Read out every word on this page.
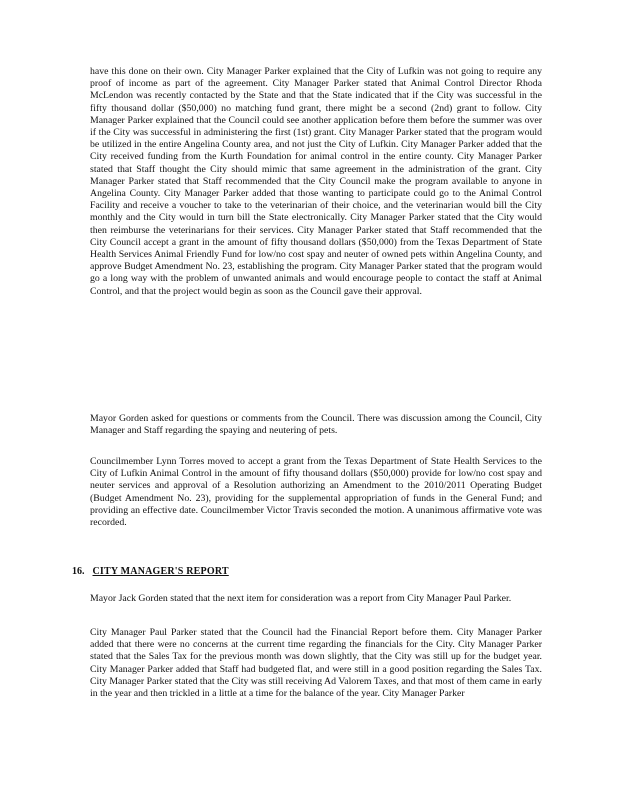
have this done on their own. City Manager Parker explained that the City of Lufkin was not going to require any proof of income as part of the agreement. City Manager Parker stated that Animal Control Director Rhoda McLendon was recently contacted by the State and that the State indicated that if the City was successful in the fifty thousand dollar ($50,000) no matching fund grant, there might be a second (2nd) grant to follow. City Manager Parker explained that the Council could see another application before them before the summer was over if the City was successful in administering the first (1st) grant. City Manager Parker stated that the program would be utilized in the entire Angelina County area, and not just the City of Lufkin. City Manager Parker added that the City received funding from the Kurth Foundation for animal control in the entire county. City Manager Parker stated that Staff thought the City should mimic that same agreement in the administration of the grant. City Manager Parker stated that Staff recommended that the City Council make the program available to anyone in Angelina County. City Manager Parker added that those wanting to participate could go to the Animal Control Facility and receive a voucher to take to the veterinarian of their choice, and the veterinarian would bill the City monthly and the City would in turn bill the State electronically. City Manager Parker stated that the City would then reimburse the veterinarians for their services. City Manager Parker stated that Staff recommended that the City Council accept a grant in the amount of fifty thousand dollars ($50,000) from the Texas Department of State Health Services Animal Friendly Fund for low/no cost spay and neuter of owned pets within Angelina County, and approve Budget Amendment No. 23, establishing the program. City Manager Parker stated that the program would go a long way with the problem of unwanted animals and would encourage people to contact the staff at Animal Control, and that the project would begin as soon as the Council gave their approval.

Mayor Gorden asked for questions or comments from the Council. There was discussion among the Council, City Manager and Staff regarding the spaying and neutering of pets.

Councilmember Lynn Torres moved to accept a grant from the Texas Department of State Health Services to the City of Lufkin Animal Control in the amount of fifty thousand dollars ($50,000) provide for low/no cost spay and neuter services and approval of a Resolution authorizing an Amendment to the 2010/2011 Operating Budget (Budget Amendment No. 23), providing for the supplemental appropriation of funds in the General Fund; and providing an effective date. Councilmember Victor Travis seconded the motion. A unanimous affirmative vote was recorded.

16. CITY MANAGER'S REPORT

Mayor Jack Gorden stated that the next item for consideration was a report from City Manager Paul Parker.

City Manager Paul Parker stated that the Council had the Financial Report before them. City Manager Parker added that there were no concerns at the current time regarding the financials for the City. City Manager Parker stated that the Sales Tax for the previous month was down slightly, that the City was still up for the budget year. City Manager Parker added that Staff had budgeted flat, and were still in a good position regarding the Sales Tax. City Manager Parker stated that the City was still receiving Ad Valorem Taxes, and that most of them came in early in the year and then trickled in a little at a time for the balance of the year. City Manager Parker
